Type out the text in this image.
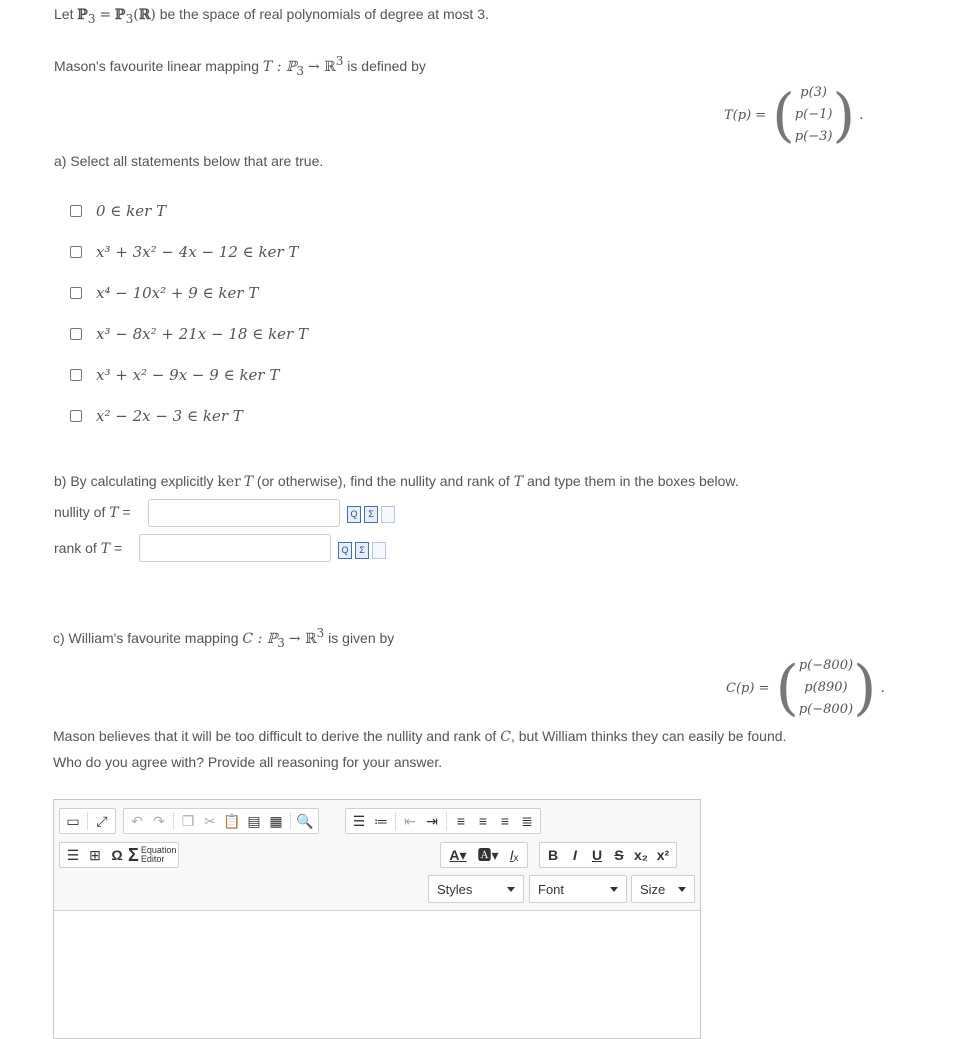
Let ℙ$_3$ = ℙ$_3$(ℝ) be the space of real polynomials of degree at most 3.
Mason's favourite linear mapping T : ℙ$_3$ → ℝ$^3$ is defined by
T(p) = ( p(3)
p(−1)
p(−3) ) .
a) Select all statements below that are true.
0 ∈ ker T
x³ + 3x² − 4x − 12 ∈ ker T
x⁴ − 10x² + 9 ∈ ker T
x³ − 8x² + 21x − 18 ∈ ker T
x³ + x² − 9x − 9 ∈ ker T
x² − 2x − 3 ∈ ker T
b) By calculating explicitly ker  T (or otherwise), find the nullity and rank of T and type them in the boxes below.
nullity of T =	Q	Σ
rank of T =	Q	Σ
c) William's favourite mapping C : ℙ$_3$ → ℝ$^3$ is given by
C(p) = ( p(−800)
p(890)
p(−800) ) .
Mason believes that it will be too difficult to derive the nullity and rank of C, but William thinks they can easily be found.
Who do you agree with? Provide all reasoning for your answer.
▭	⤢	↶ ↷	❐ ✂ 📋 ▤ ▦ 🔍	☰ ≔	⇤ ⇥	≡ ≡ ≡ ≣
☰ ⊞ Ω Σ Equation
Editor	A ▾ 🅰▾ I ₓ	B I U S x₂ x²
Styles	Font	Size
